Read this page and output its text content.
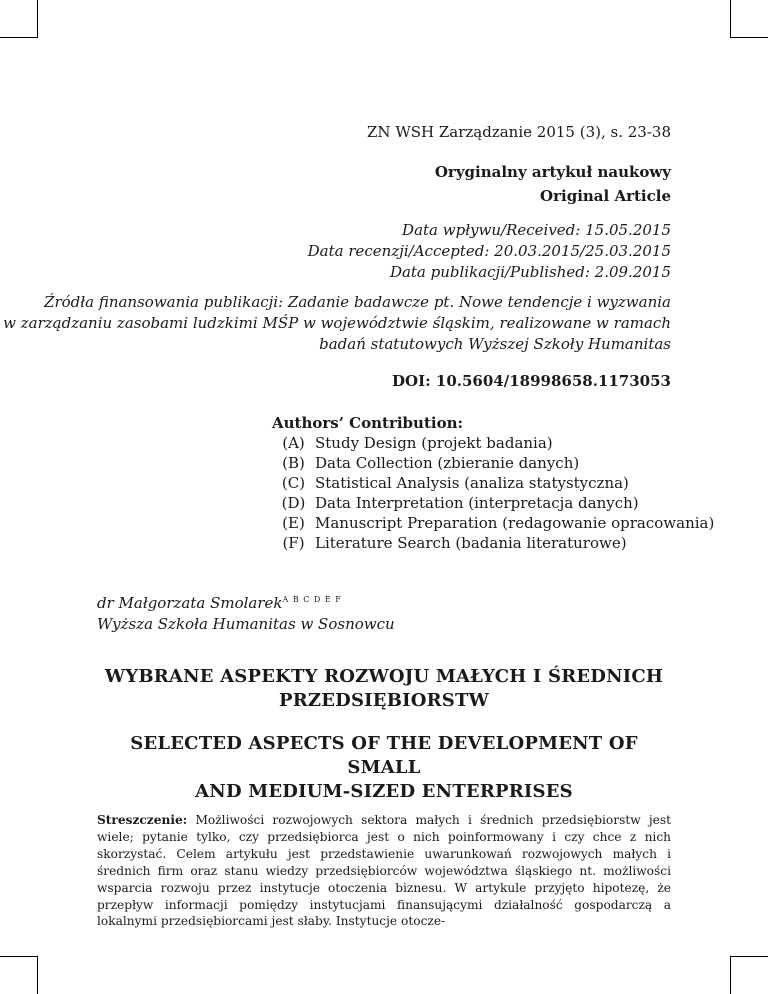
ZN WSH Zarządzanie 2015 (3), s. 23-38
Oryginalny artykuł naukowy
Original Article
Data wpływu/Received: 15.05.2015
Data recenzji/Accepted: 20.03.2015/25.03.2015
Data publikacji/Published: 2.09.2015
Źródła finansowania publikacji: Zadanie badawcze pt. Nowe tendencje i wyzwania
w zarządzaniu zasobami ludzkimi MŚP w województwie śląskim, realizowane w ramach
badań statutowych Wyższej Szkoły Humanitas
DOI: 10.5604/18998658.1173053
Authors’ Contribution:
(A) Study Design (projekt badania)
(B) Data Collection (zbieranie danych)
(C) Statistical Analysis (analiza statystyczna)
(D) Data Interpretation (interpretacja danych)
(E) Manuscript Preparation (redagowanie opracowania)
(F) Literature Search (badania literaturowe)
dr Małgorzata Smolarek$^{A B C D E F}$
Wyższa Szkoła Humanitas w Sosnowcu
WYBRANE ASPEKTY ROZWOJU MAŁYCH I ŚREDNICH
PRZEDSIĘBIORSTW
SELECTED ASPECTS OF THE DEVELOPMENT OF SMALL
AND MEDIUM-SIZED ENTERPRISES
Streszczenie: Możliwości rozwojowych sektora małych i średnich przedsiębiorstw jest wiele; pytanie tylko, czy przedsiębiorca jest o nich poinformowany i czy chce z nich skorzystać. Celem artykułu jest przedstawienie uwarunkowań rozwojowych małych i średnich firm oraz stanu wiedzy przedsiębiorców województwa śląskiego nt. możliwości wsparcia rozwoju przez instytucje otoczenia biznesu. W artykule przyjęto hipotezę, że przepływ informacji pomiędzy instytucjami finansującymi działalność gospodarczą a lokalnymi przedsiębiorcami jest słaby. Instytucje otocze-
